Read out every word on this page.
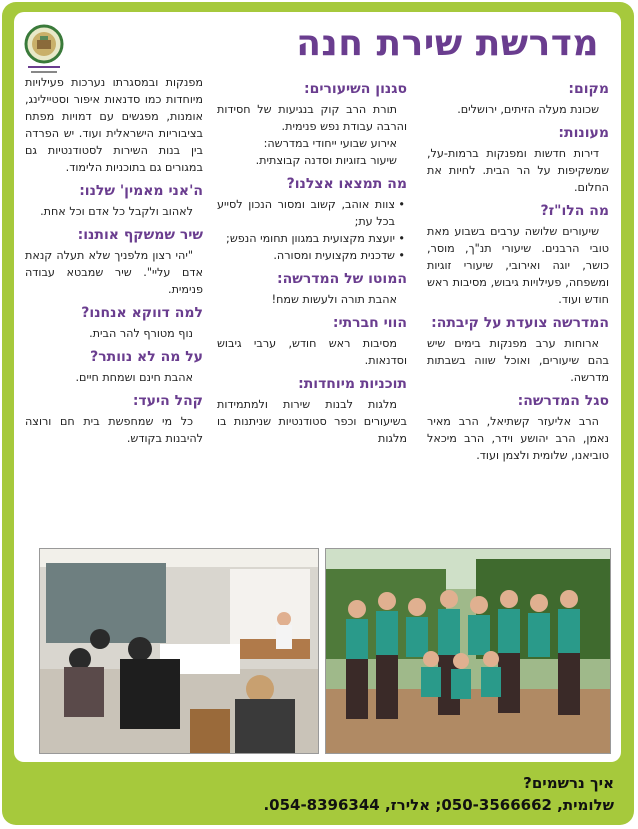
מדרשת שירת חנה
מקום:

שכונת מעלה הזיתים, ירושלים.

מעונות:

דירות חדשות ומפנקות ברמות-על, שמשקיפות על הר הבית. לחיות את החלום.

מה הלו"ז?

שיעורים שלושה ערבים בשבוע מאת טובי הרבנים. שיעורי תנ"ך, מוסר, כושר, יוגה ואירובי, שיעורי זוגיות ומשפחה, פעילויות גיבוש, מסיבות ראש חודש ועוד.

המדרשה צועדת על קיבתה:

ארוחות ערב מפנקות בימים שיש בהם שיעורים, ואוכל שווה בשבתות מדרשה.

סגל המדרשה:

הרב אליעזר קשתיאל, הרב מאיר נאמן, הרב יהושע וידר, הרב מיכאל טוביאנו, שלומית ולצמן ועוד.

סגנון השיעורים:

תורת הרב קוק בנגיעות של חסידות והרבה עבודת נפש פנימית.

אירוע שבועי ייחודי במדרשה:

שיעור בזוגיות וסדנה קבוצתית.

מה תמצאו אצלנו?

• צוות אוהב, קשוב ומסור הנכון לסייע בכל עת;

• יועצת מקצועית במגוון תחומי הנפש;

• שדכנית מקצועית ומסורה.

המוטו של המדרשה:

אהבת תורה ולעשות שמח!

הווי חברתי:

מסיבות ראש חודש, ערבי גיבוש וסדנאות.

תוכניות מיוחדות:

מלגות לבנות שירות ולמתמידות בשיעורים וכפר סטודנטיות שניתנות בו מלגות

מפנקות ובמסגרתו נערכות פעילויות מיוחדות כמו סדנאות איפור וסטיילינג, אומנות, מפגשים עם דמויות מפתח בציבוריות הישראלית ועוד. יש הפרדה בין בנות השירות לסטודנטיות גם במגורים גם בתוכניות הלימוד.

ה'אני מאמין' שלנו:

לאהוב ולקבל כל אדם וכל אחת.

שיר שמשקף אותנו:

"יהי רצון מלפניך שלא תעלה קנאת אדם עליי". שיר שמבטא עבודה פנימית.

למה דווקא אנחנו?

נוף מטורף להר הבית.

על מה לא נוותר?

אהבת חינם ושמחת חיים.

קהל היעד:

כל מי שמחפשת בית חם ורוצה להיבנות בקודש.

איך נרשמים?

שלומית, 050-3566662; אלירז, 054-8396344.
